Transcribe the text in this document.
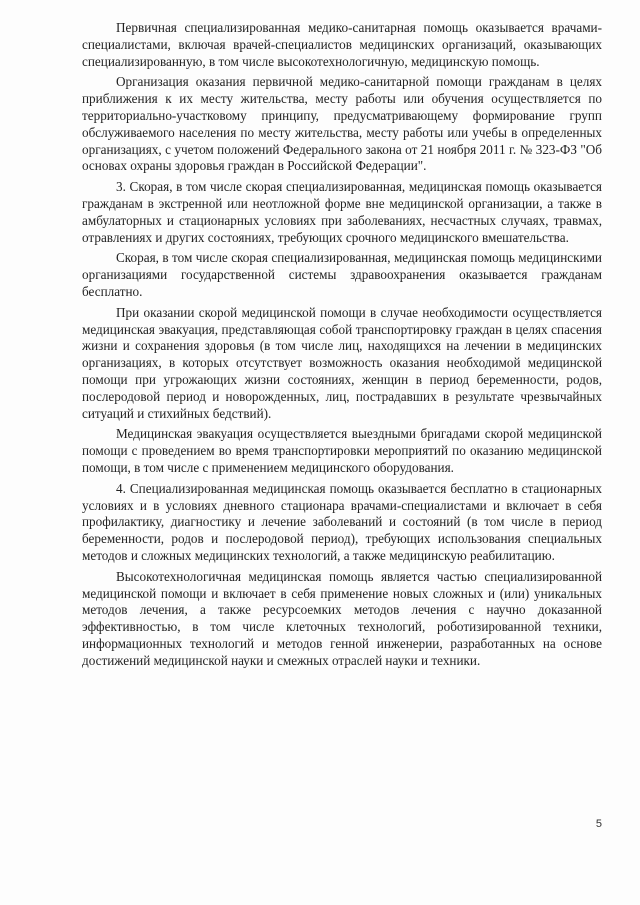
Первичная специализированная медико-санитарная помощь оказывается врачами-специалистами, включая врачей-специалистов медицинских организаций, оказывающих специализированную, в том числе высокотехнологичную, медицинскую помощь.

Организация оказания первичной медико-санитарной помощи гражданам в целях приближения к их месту жительства, месту работы или обучения осуществляется по территориально-участковому принципу, предусматривающему формирование групп обслуживаемого населения по месту жительства, месту работы или учебы в определенных организациях, с учетом положений Федерального закона от 21 ноября 2011 г. № 323-ФЗ "Об основах охраны здоровья граждан в Российской Федерации".

3. Скорая, в том числе скорая специализированная, медицинская помощь оказывается гражданам в экстренной или неотложной форме вне медицинской организации, а также в амбулаторных и стационарных условиях при заболеваниях, несчастных случаях, травмах, отравлениях и других состояниях, требующих срочного медицинского вмешательства.

Скорая, в том числе скорая специализированная, медицинская помощь медицинскими организациями государственной системы здравоохранения оказывается гражданам бесплатно.

При оказании скорой медицинской помощи в случае необходимости осуществляется медицинская эвакуация, представляющая собой транспортировку граждан в целях спасения жизни и сохранения здоровья (в том числе лиц, находящихся на лечении в медицинских организациях, в которых отсутствует возможность оказания необходимой медицинской помощи при угрожающих жизни состояниях, женщин в период беременности, родов, послеродовой период и новорожденных, лиц, пострадавших в результате чрезвычайных ситуаций и стихийных бедствий).

Медицинская эвакуация осуществляется выездными бригадами скорой медицинской помощи с проведением во время транспортировки мероприятий по оказанию медицинской помощи, в том числе с применением медицинского оборудования.

4. Специализированная медицинская помощь оказывается бесплатно в стационарных условиях и в условиях дневного стационара врачами-специалистами и включает в себя профилактику, диагностику и лечение заболеваний и состояний (в том числе в период беременности, родов и послеродовой период), требующих использования специальных методов и сложных медицинских технологий, а также медицинскую реабилитацию.

Высокотехнологичная медицинская помощь является частью специализированной медицинской помощи и включает в себя применение новых сложных и (или) уникальных методов лечения, а также ресурсоемких методов лечения с научно доказанной эффективностью, в том числе клеточных технологий, роботизированной техники, информационных технологий и методов генной инженерии, разработанных на основе достижений медицинской науки и смежных отраслей науки и техники.

5
